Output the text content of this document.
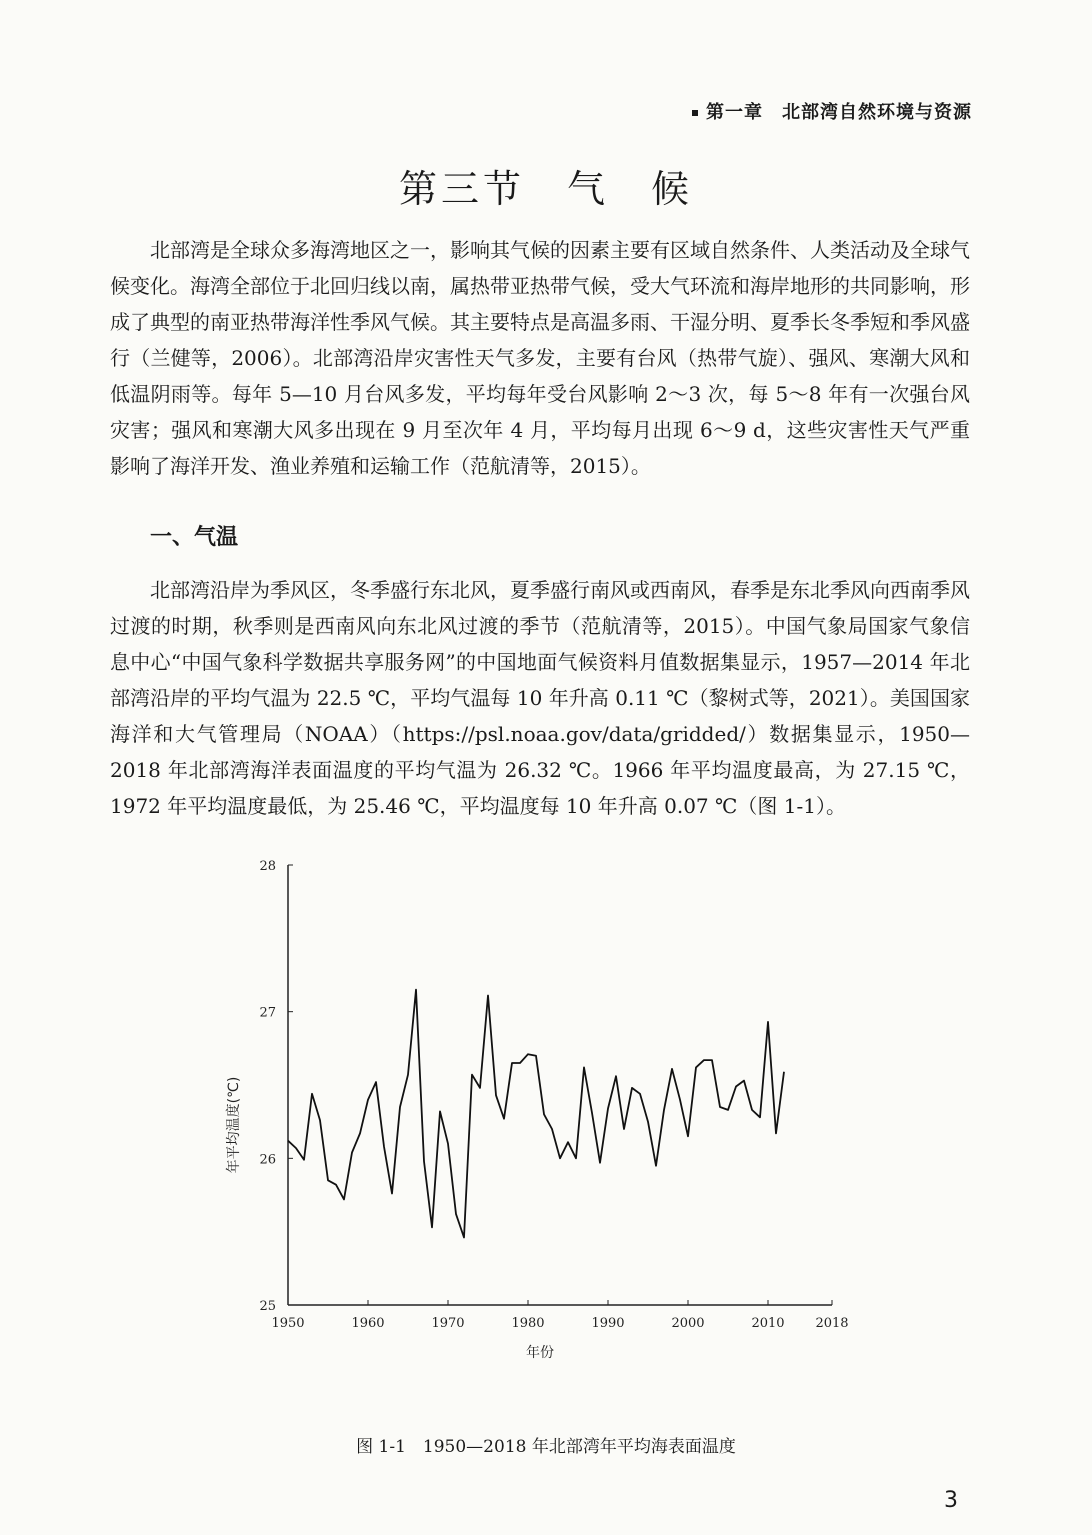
第一章　北部湾自然环境与资源
第三节　气　候

北部湾是全球众多海湾地区之一，影响其气候的因素主要有区域自然条件、人类活动及全球气候变化。海湾全部位于北回归线以南，属热带亚热带气候，受大气环流和海岸地形的共同影响，形成了典型的南亚热带海洋性季风气候。其主要特点是高温多雨、干湿分明、夏季长冬季短和季风盛行（兰健等，2006）。北部湾沿岸灾害性天气多发，主要有台风（热带气旋）、强风、寒潮大风和低温阴雨等。每年 5—10 月台风多发，平均每年受台风影响 2～3 次，每 5～8 年有一次强台风灾害；强风和寒潮大风多出现在 9 月至次年 4 月，平均每月出现 6～9 d，这些灾害性天气严重影响了海洋开发、渔业养殖和运输工作（范航清等，2015）。

一、气温

北部湾沿岸为季风区，冬季盛行东北风，夏季盛行南风或西南风，春季是东北季风向西南季风过渡的时期，秋季则是西南风向东北风过渡的季节（范航清等，2015）。中国气象局国家气象信息中心“中国气象科学数据共享服务网”的中国地面气候资料月值数据集显示，1957—2014 年北部湾沿岸的平均气温为 22.5 ℃，平均气温每 10 年升高 0.11 ℃（黎树式等，2021）。美国国家海洋和大气管理局（NOAA）（https://psl.noaa.gov/data/gridded/）数据集显示，1950—2018 年北部湾海洋表面温度的平均气温为 26.32 ℃。1966 年平均温度最高，为 27.15 ℃，1972 年平均温度最低，为 25.46 ℃，平均温度每 10 年升高 0.07 ℃（图 1-1）。

25
26
27
28
1950	1960	1970	1980	1990	2000	2010 2018
年份
年平均温度(℃)
图 1-1　1950—2018 年北部湾年平均海表面温度
3
